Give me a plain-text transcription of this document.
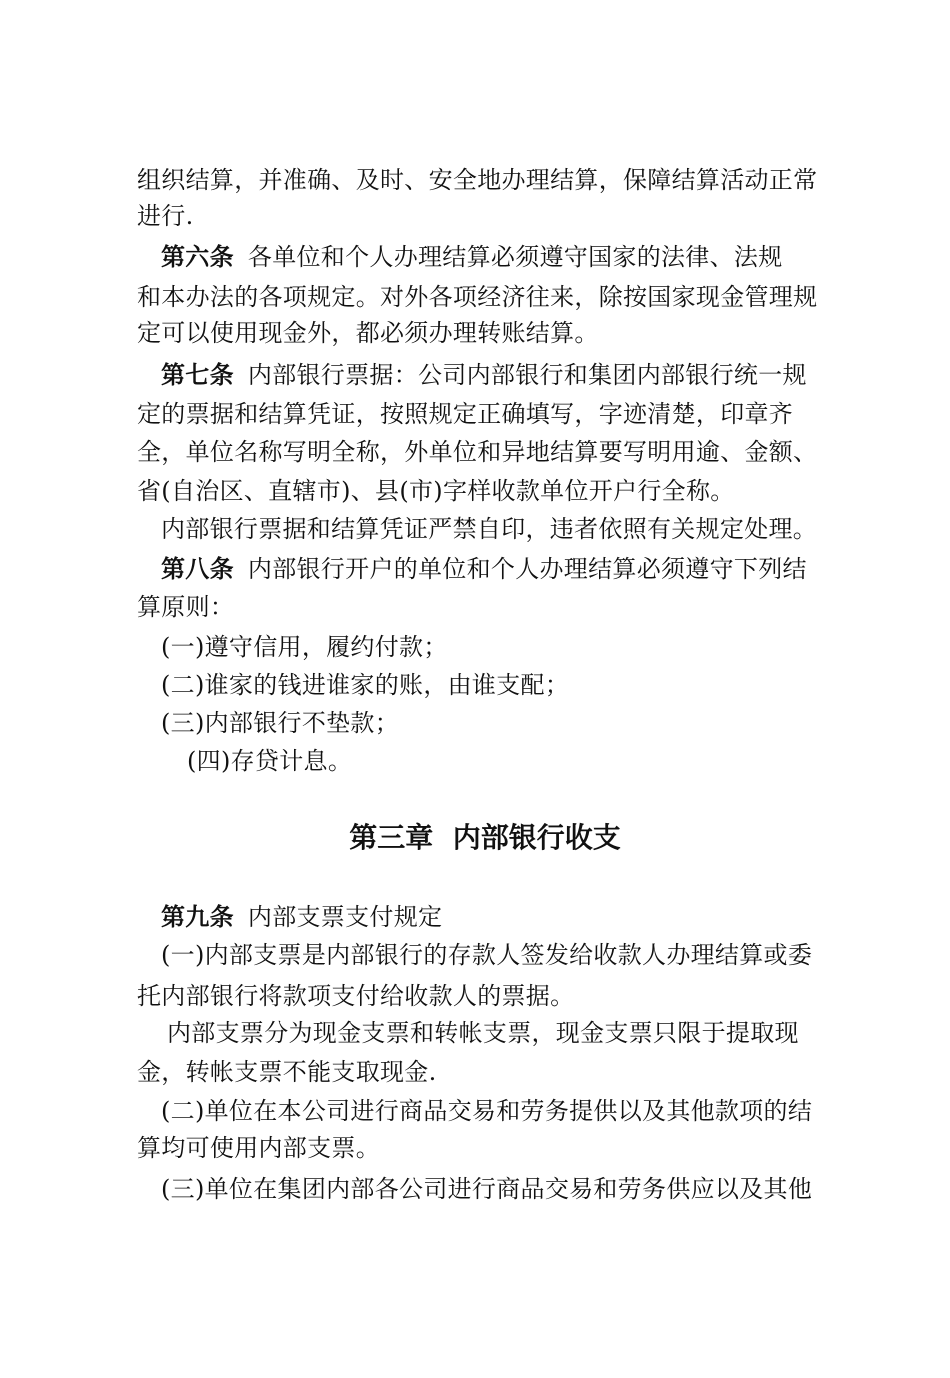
组织结算，并准确、及时、安全地办理结算，保障结算活动正常
进行.
第六条 各单位和个人办理结算必须遵守国家的法律、法规
和本办法的各项规定。对外各项经济往来，除按国家现金管理规
定可以使用现金外，都必须办理转账结算。
第七条 内部银行票据：公司内部银行和集团内部银行统一规
定的票据和结算凭证，按照规定正确填写，字迹清楚，印章齐
全，单位名称写明全称，外单位和异地结算要写明用逾、金额、
省(自治区、直辖市)、县(市)字样收款单位开户行全称。
内部银行票据和结算凭证严禁自印，违者依照有关规定处理。
第八条 内部银行开户的单位和个人办理结算必须遵守下列结
算原则：
(一)遵守信用，履约付款；
(二)谁家的钱进谁家的账，由谁支配；
(三)内部银行不垫款；
(四)存贷计息。
第三章  内部银行收支
第九条 内部支票支付规定
(一)内部支票是内部银行的存款人签发给收款人办理结算或委
托内部银行将款项支付给收款人的票据。
内部支票分为现金支票和转帐支票，现金支票只限于提取现
金，转帐支票不能支取现金.
(二)单位在本公司进行商品交易和劳务提供以及其他款项的结
算均可使用内部支票。
(三)单位在集团内部各公司进行商品交易和劳务供应以及其他
